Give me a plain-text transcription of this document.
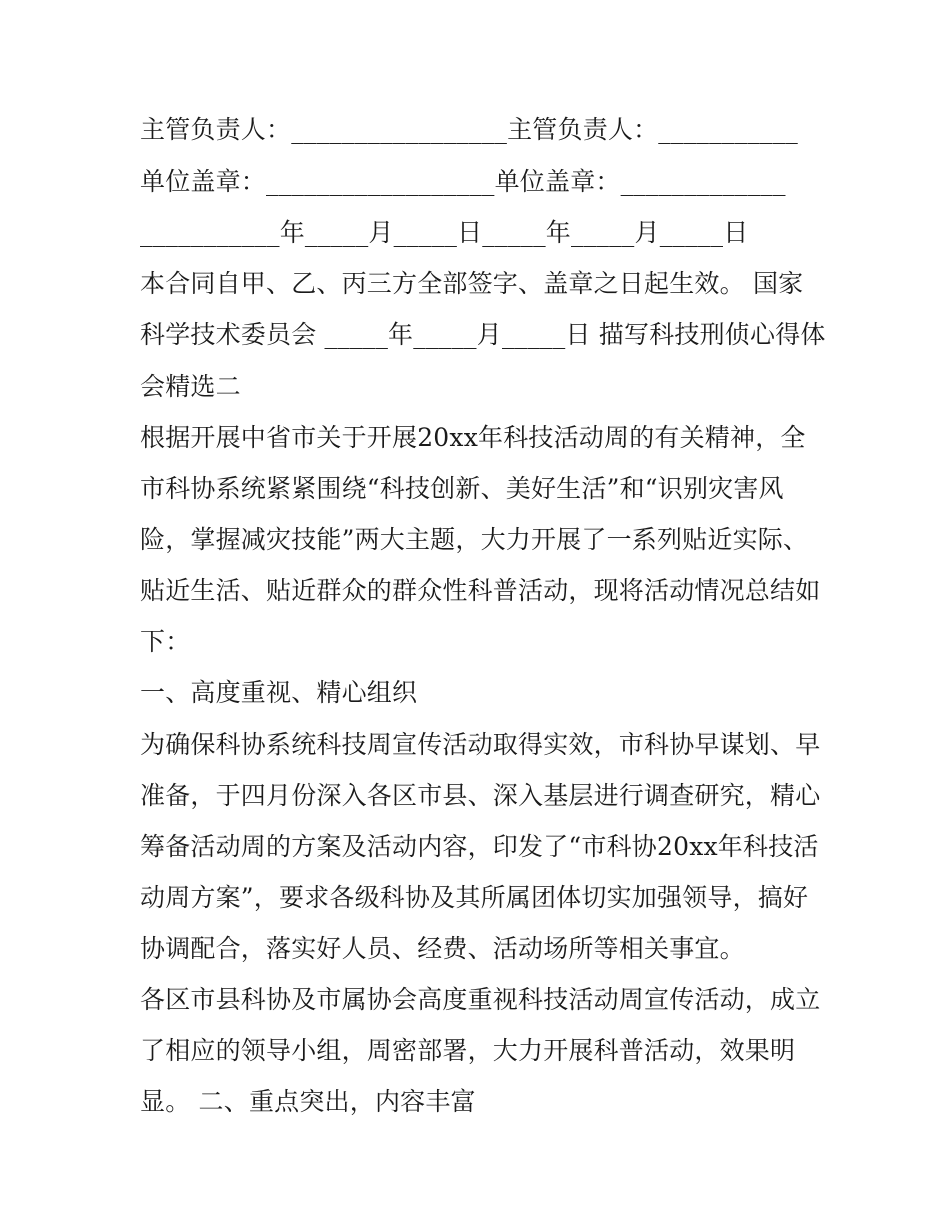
主管负责人：_________________主管负责人：___________
单位盖章：__________________单位盖章：_____________
___________年_____月_____日_____年_____月_____日
本合同自甲、乙、丙三方全部签字、盖章之日起生效。 国家
科学技术委员会 _____年_____月_____日 描写科技刑侦心得体
会精选二
根据开展中省市关于开展20xx年科技活动周的有关精神，全
市科协系统紧紧围绕“科技创新、美好生活”和“识别灾害风
险，掌握减灾技能”两大主题，大力开展了一系列贴近实际、
贴近生活、贴近群众的群众性科普活动，现将活动情况总结如
下：
一、高度重视、精心组织
为确保科协系统科技周宣传活动取得实效，市科协早谋划、早
准备，于四月份深入各区市县、深入基层进行调查研究，精心
筹备活动周的方案及活动内容，印发了“市科协20xx年科技活
动周方案”，要求各级科协及其所属团体切实加强领导，搞好
协调配合，落实好人员、经费、活动场所等相关事宜。
各区市县科协及市属协会高度重视科技活动周宣传活动，成立
了相应的领导小组，周密部署，大力开展科普活动，效果明
显。 二、重点突出，内容丰富
